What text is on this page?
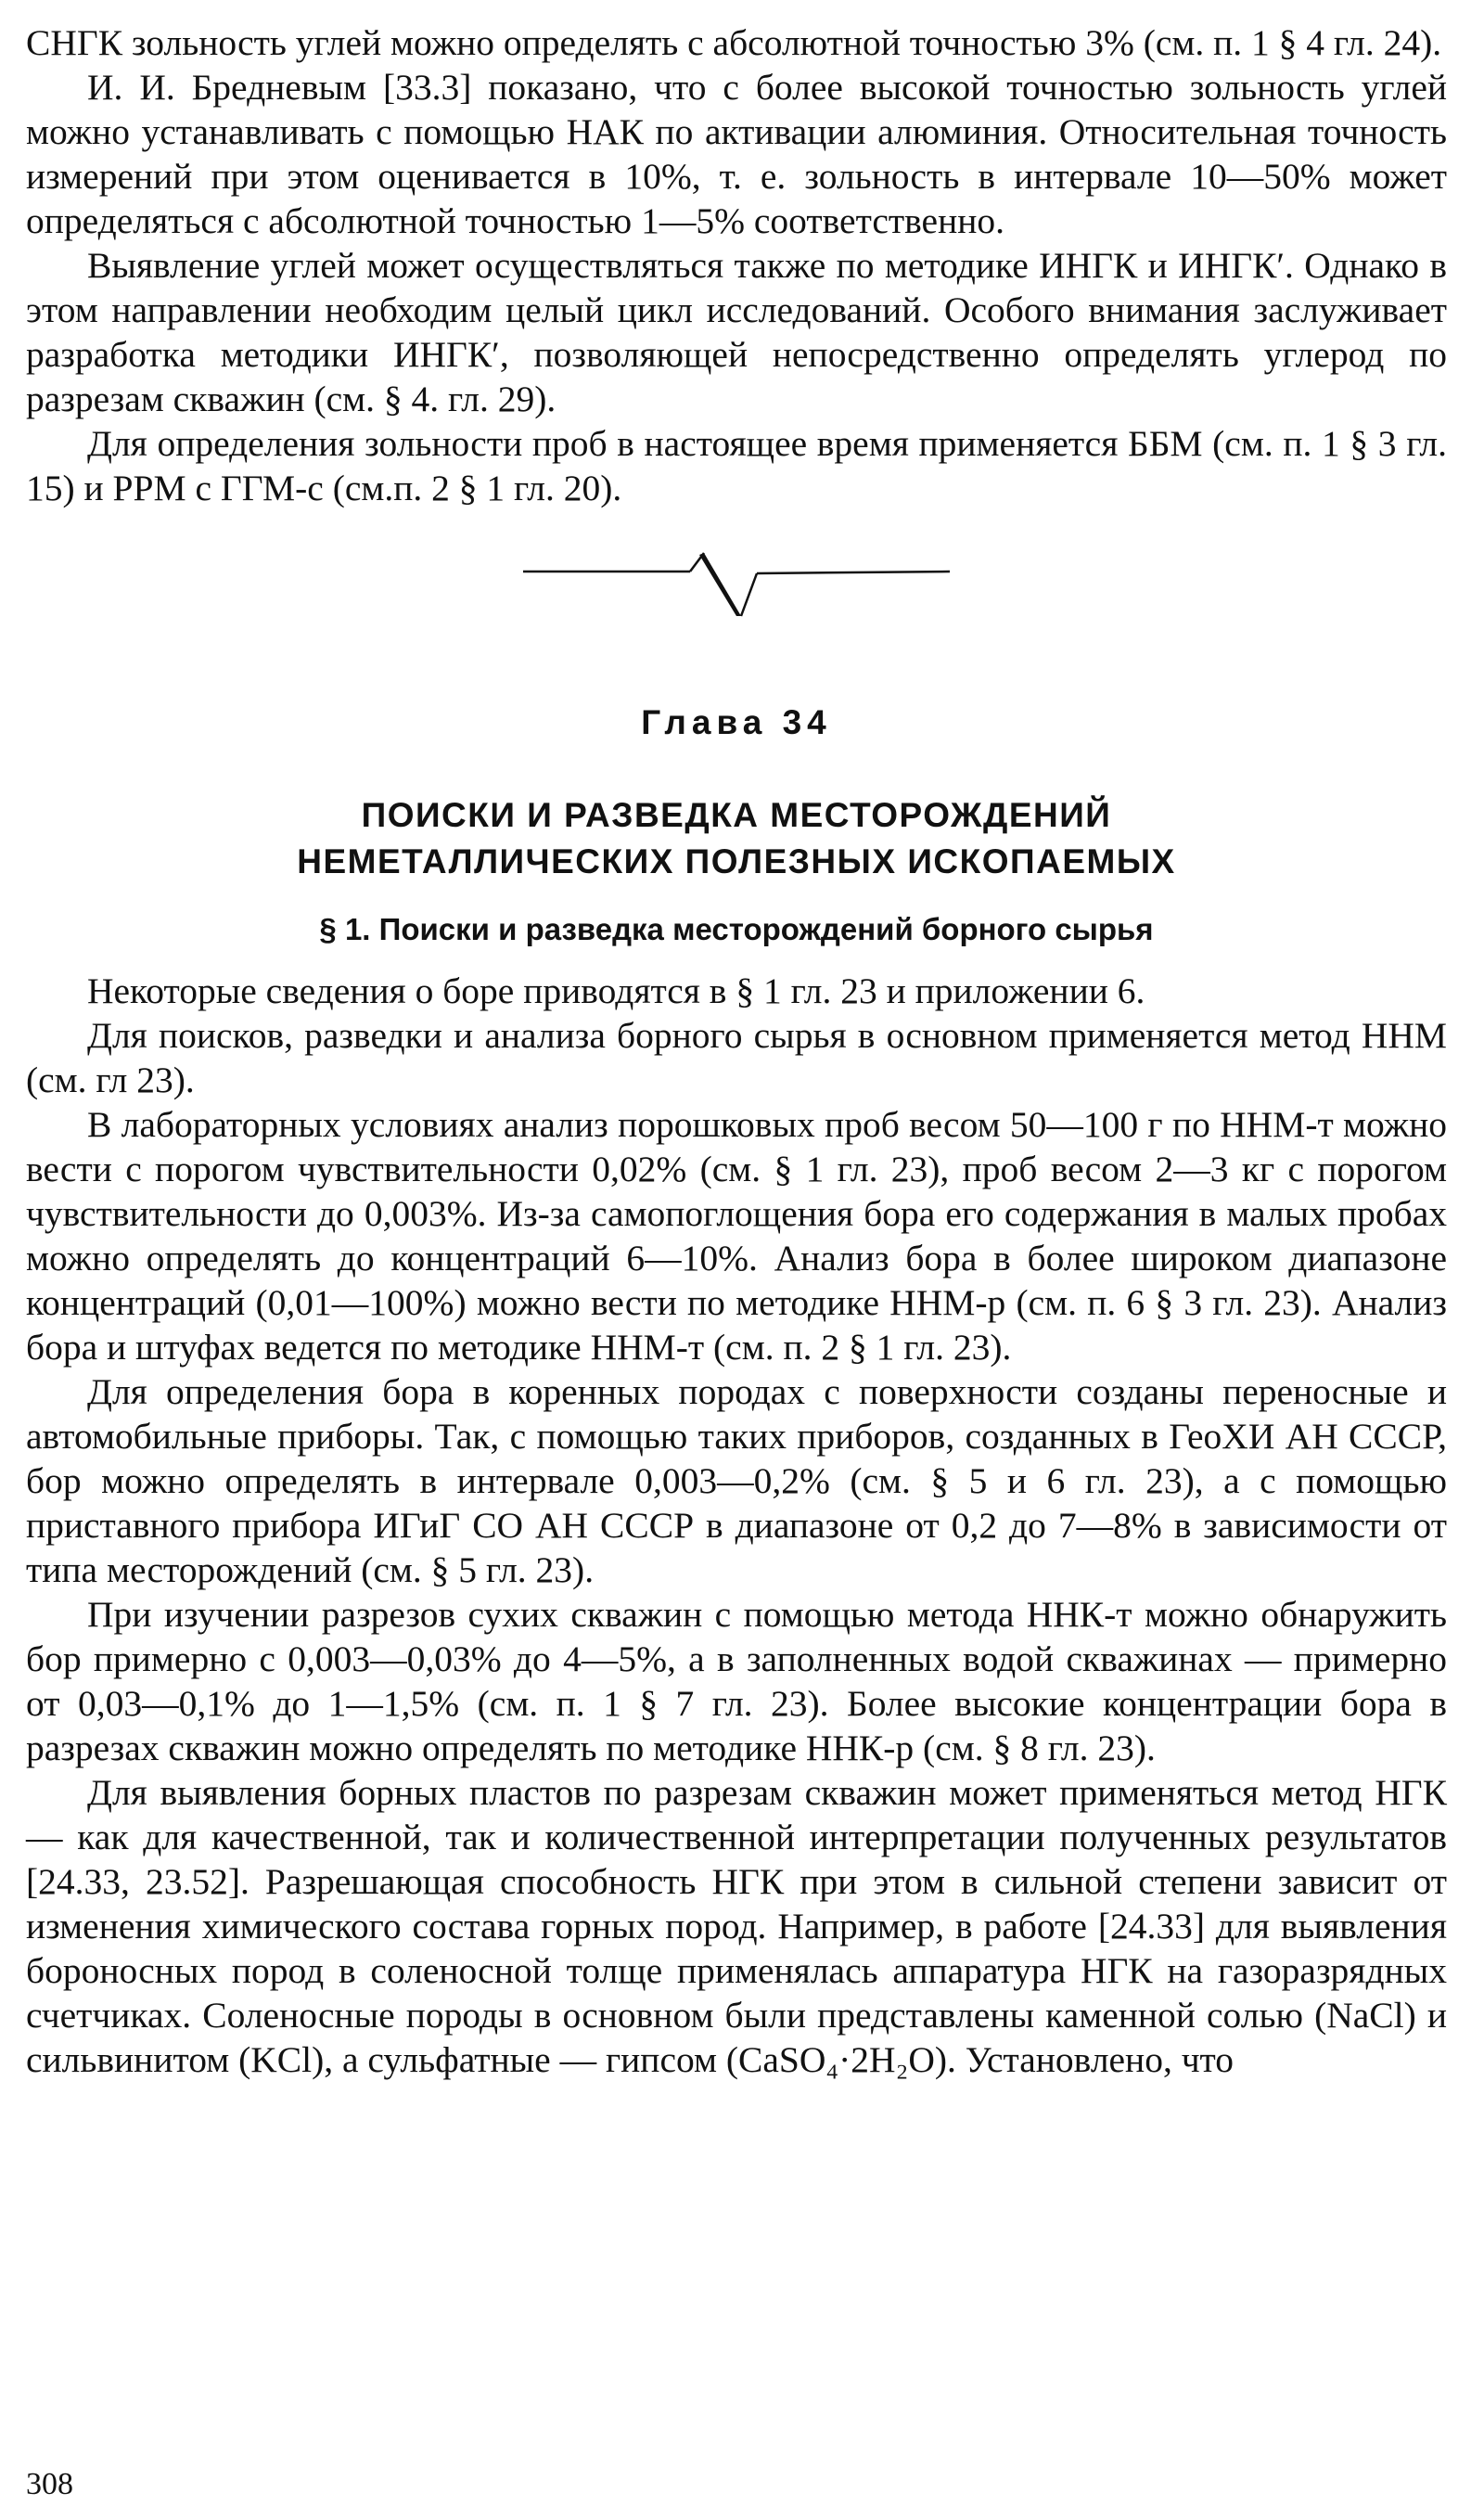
СНГК зольность углей можно определять с абсолютной точностью 3% (см. п. 1 § 4 гл. 24).

И. И. Бредневым [33.3] показано, что с более высокой точностью зольность углей можно устанавливать с помощью НАК по активации алюминия. Относительная точность измерений при этом оценивается в 10%, т. е. зольность в интервале 10—50% может определяться с абсолютной точностью 1—5% соответственно.

Выявление углей может осуществляться также по методике ИНГК и ИНГК′. Однако в этом направлении необходим целый цикл исследований. Особого внимания заслуживает разработка методики ИНГК′, позволяющей непосредственно определять углерод по разрезам скважин (см. § 4. гл. 29).

Для определения зольности проб в настоящее время применяется ББМ (см. п. 1 § 3 гл. 15) и РРМ с ГГМ-с (см.п. 2 § 1 гл. 20).

Глава 34
ПОИСКИ И РАЗВЕДКА МЕСТОРОЖДЕНИЙ
НЕМЕТАЛЛИЧЕСКИХ ПОЛЕЗНЫХ ИСКОПАЕМЫХ
§ 1. Поиски и разведка месторождений борного сырья

Некоторые сведения о боре приводятся в § 1 гл. 23 и приложении 6.

Для поисков, разведки и анализа борного сырья в основном применяется метод ННМ (см. гл 23).

В лабораторных условиях анализ порошковых проб весом 50—100 г по ННМ-т можно вести с порогом чувствительности 0,02% (см. § 1 гл. 23), проб весом 2—3 кг с порогом чувствительности до 0,003%. Из-за самопоглощения бора его содержания в малых пробах можно определять до концентраций 6—10%. Анализ бора в более широком диапазоне концентраций (0,01—100%) можно вести по методике ННМ-р (см. п. 6 § 3 гл. 23). Анализ бора и штуфах ведется по методике ННМ-т (см. п. 2 § 1 гл. 23).

Для определения бора в коренных породах с поверхности созданы переносные и автомобильные приборы. Так, с помощью таких приборов, созданных в ГеоХИ АН СССР, бор можно определять в интервале 0,003—0,2% (см. § 5 и 6 гл. 23), а с помощью приставного прибора ИГиГ СО АН СССР в диапазоне от 0,2 до 7—8% в зависимости от типа месторождений (см. § 5 гл. 23).

При изучении разрезов сухих скважин с помощью метода ННК-т можно обнаружить бор примерно с 0,003—0,03% до 4—5%, а в заполненных водой скважинах — примерно от 0,03—0,1% до 1—1,5% (см. п. 1 § 7 гл. 23). Более высокие концентрации бора в разрезах скважин можно определять по методике ННК-р (см. § 8 гл. 23).

Для выявления борных пластов по разрезам скважин может применяться метод НГК — как для качественной, так и количественной интерпретации полученных результатов [24.33, 23.52]. Разрешающая способность НГК при этом в сильной степени зависит от изменения химического состава горных пород. Например, в работе [24.33] для выявления бороносных пород в соленосной толще применялась аппаратура НГК на газоразрядных счетчиках. Соленосные породы в основном были представлены каменной солью (NaCl) и сильвинитом (KCl), а сульфатные — гипсом (CaSO₄·2H₂O). Установлено, что

308
